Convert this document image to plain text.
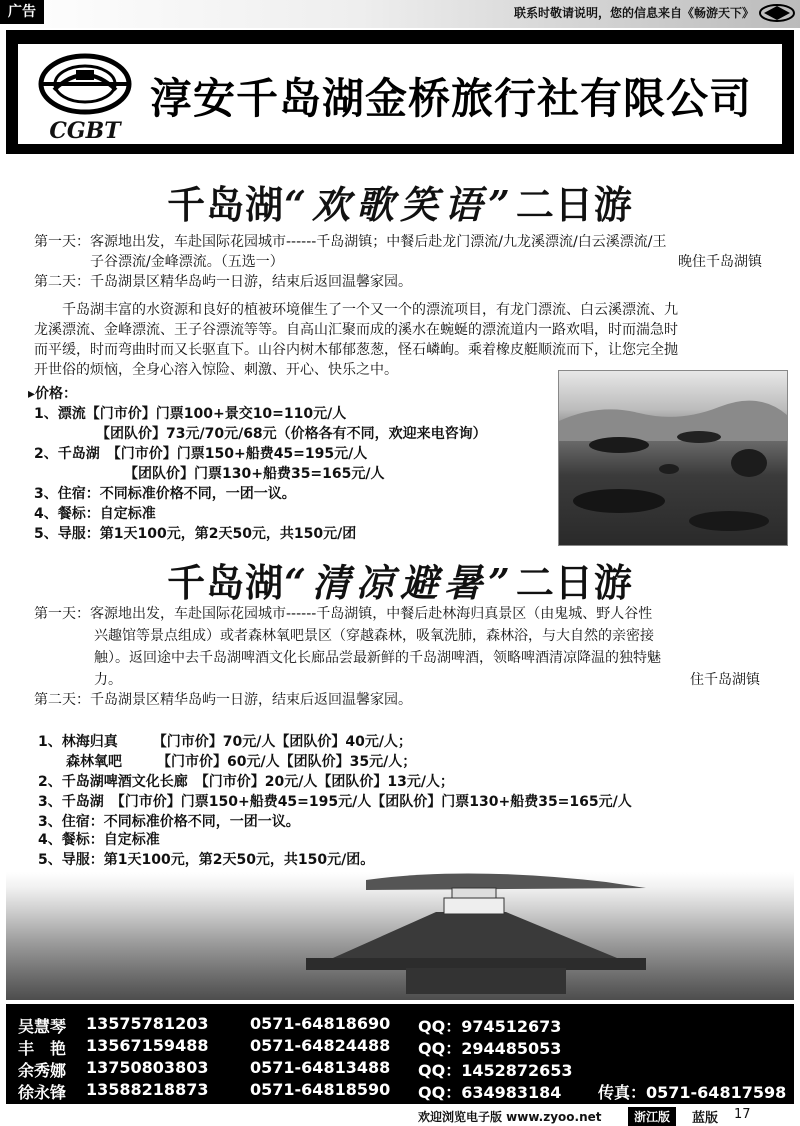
广告	联系时敬请说明，您的信息来自《畅游天下》
CGBT
淳安千岛湖金桥旅行社有限公司
千岛湖“欢歌笑语”二日游
第一天：客源地出发，车赴国际花园城市------千岛湖镇；中餐后赴龙门漂流/九龙溪漂流/白云溪漂流/王
子谷漂流/金峰漂流。（五选一）	晚住千岛湖镇
第二天：千岛湖景区精华岛屿一日游，结束后返回温馨家园。
千岛湖丰富的水资源和良好的植被环境催生了一个又一个的漂流项目，有龙门漂流、白云溪漂流、九
龙溪漂流、金峰漂流、王子谷漂流等等。自高山汇聚而成的溪水在蜿蜒的漂流道内一路欢唱，时而湍急时
而平缓，时而弯曲时而又长驱直下。山谷内树木郁郁葱葱，怪石嶙峋。乘着橡皮艇顺流而下，让您完全抛
开世俗的烦恼，全身心溶入惊险、刺激、开心、快乐之中。
▸价格：
1、漂流【门市价】门票100+景交10=110元/人
【团队价】73元/70元/68元（价格各有不同，欢迎来电咨询）
2、千岛湖　【门市价】门票150+船费45=195元/人
【团队价】门票130+船费35=165元/人
3、住宿：不同标准价格不同，一团一议。
4、餐标：自定标准
5、导服：第1天100元，第2天50元，共150元/团
千岛湖“清凉避暑”二日游
第一天：客源地出发，车赴国际花园城市------千岛湖镇，中餐后赴林海归真景区（由鬼城、野人谷性
兴趣馆等景点组成）或者森林氧吧景区（穿越森林，吸氧洗肺，森林浴，与大自然的亲密接
触）。返回途中去千岛湖啤酒文化长廊品尝最新鲜的千岛湖啤酒，领略啤酒清凉降温的独特魅
力。	住千岛湖镇
第二天：千岛湖景区精华岛屿一日游，结束后返回温馨家园。
1、林海归真　　　【门市价】70元/人【团队价】40元/人；
森林氧吧　　　【门市价】60元/人【团队价】35元/人；
2、千岛湖啤酒文化长廊　【门市价】20元/人【团队价】13元/人；
3、千岛湖　【门市价】门票150+船费45=195元/人【团队价】门票130+船费35=165元/人
3、住宿：不同标准价格不同，一团一议。
4、餐标：自定标准
5、导服：第1天100元，第2天50元，共150元/团。
吴慧琴 13575781203	0571-64818690 QQ：974512673
丰　艳 13567159488	0571-64824488 QQ：294485053
余秀娜 13750803803	0571-64813488 QQ：1452872653
徐永锋 13588218873	0571-64818590 QQ：634983184 传真：0571-64817598
欢迎浏览电子版 www.zyoo.net	浙江版	蓝版 17
